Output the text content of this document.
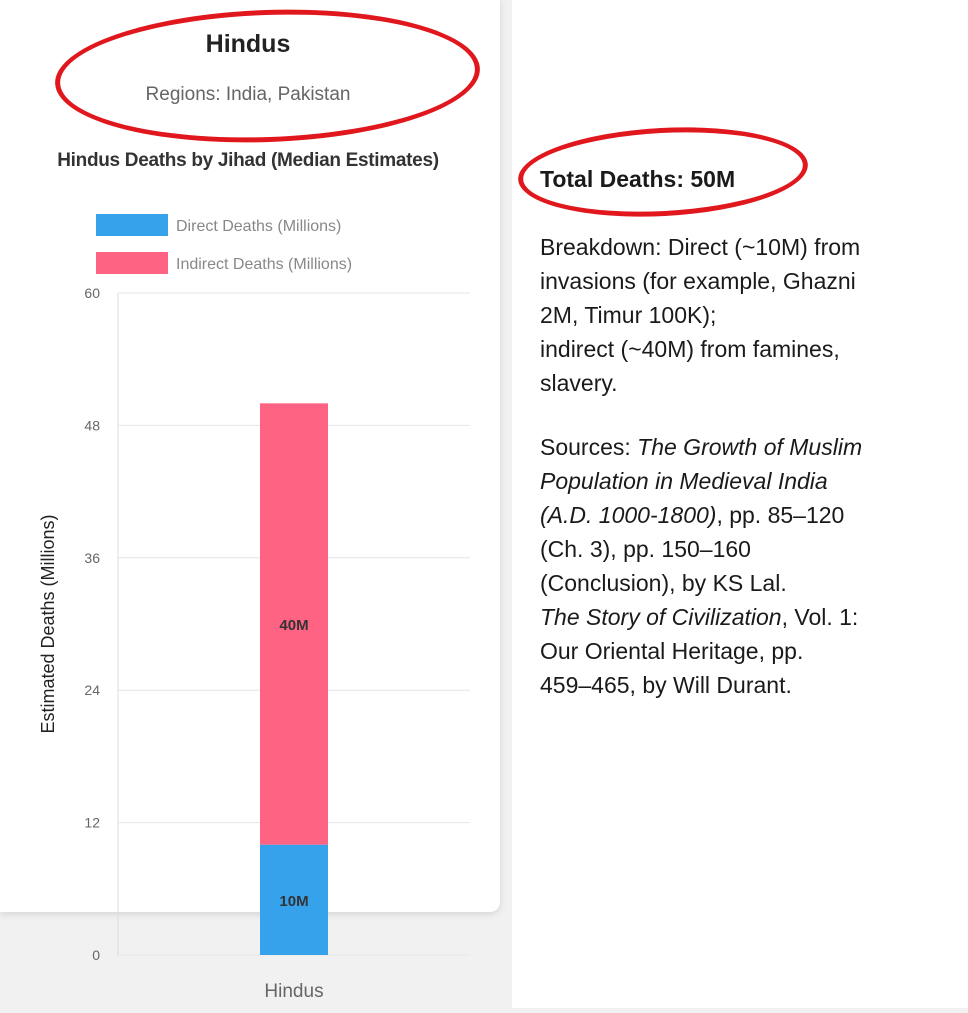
Hindus
Regions: India, Pakistan
Hindus Deaths by Jihad (Median Estimates)
0
12
24
36
48
60
Estimated Deaths (Millions)
Direct Deaths (Millions)
Indirect Deaths (Millions)
10M
40M
Hindus
Total Deaths: 50M
Breakdown: Direct (~10M) from
invasions (for example, Ghazni
2M, Timur 100K);
indirect (~40M) from famines,
slavery.
Sources: The Growth of Muslim
Population in Medieval India
(A.D. 1000-1800), pp. 85–120
(Ch. 3), pp. 150–160
(Conclusion), by KS Lal.
The Story of Civilization, Vol. 1:
Our Oriental Heritage, pp.
459–465, by Will Durant.
